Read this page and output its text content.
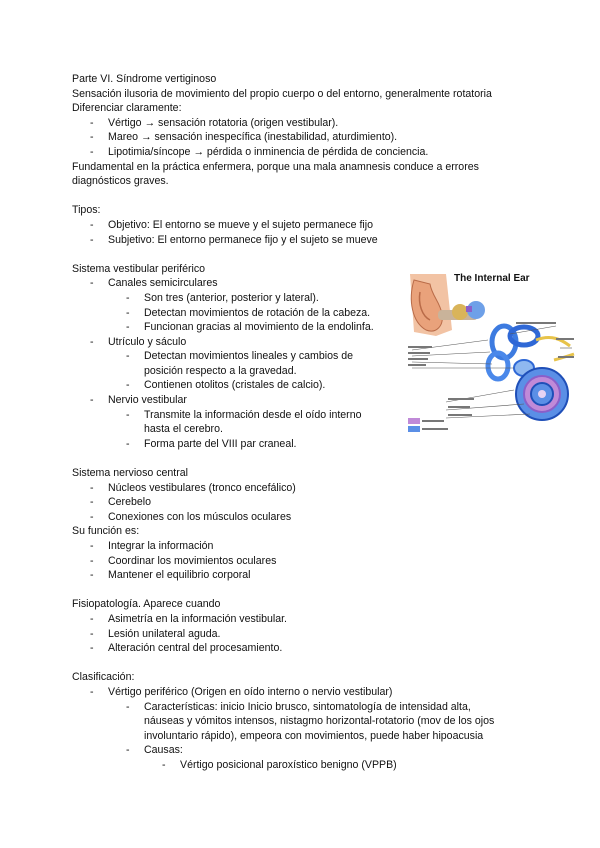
Parte VI. Síndrome vertiginoso
Sensación ilusoria de movimiento del propio cuerpo o del entorno, generalmente rotatoria
Diferenciar claramente:
- Vértigo → sensación rotatoria (origen vestibular).
- Mareo → sensación inespecífica (inestabilidad, aturdimiento).
- Lipotimia/síncope → pérdida o inminencia de pérdida de conciencia.
Fundamental en la práctica enfermera, porque una mala anamnesis conduce a errores
diagnósticos graves.
Tipos:
- Objetivo: El entorno se mueve y el sujeto permanece fijo
- Subjetivo: El entorno permanece fijo y el sujeto se mueve
Sistema vestibular periférico
- Canales semicirculares
- Son tres (anterior, posterior y lateral).
- Detectan movimientos de rotación de la cabeza.
- Funcionan gracias al movimiento de la endolinfa.
- Utrículo y sáculo
- Detectan movimientos lineales y cambios de
posición respecto a la gravedad.
- Contienen otolitos (cristales de calcio).
- Nervio vestibular
- Transmite la información desde el oído interno
hasta el cerebro.
- Forma parte del VIII par craneal.
Sistema nervioso central
- Núcleos vestibulares (tronco encefálico)
- Cerebelo
- Conexiones con los músculos oculares
Su función es:
- Integrar la información
- Coordinar los movimientos oculares
- Mantener el equilibrio corporal
Fisiopatología. Aparece cuando
- Asimetría en la información vestibular.
- Lesión unilateral aguda.
- Alteración central del procesamiento.
Clasificación:
- Vértigo periférico (Origen en oído interno o nervio vestibular)
- Características: inicio Inicio brusco, sintomatología de intensidad alta,
náuseas y vómitos intensos, nistagmo horizontal-rotatorio (mov de los ojos
involuntario rápido), empeora con movimientos, puede haber hipoacusia
- Causas:
- Vértigo posicional paroxístico benigno (VPPB)
The Internal Ear
